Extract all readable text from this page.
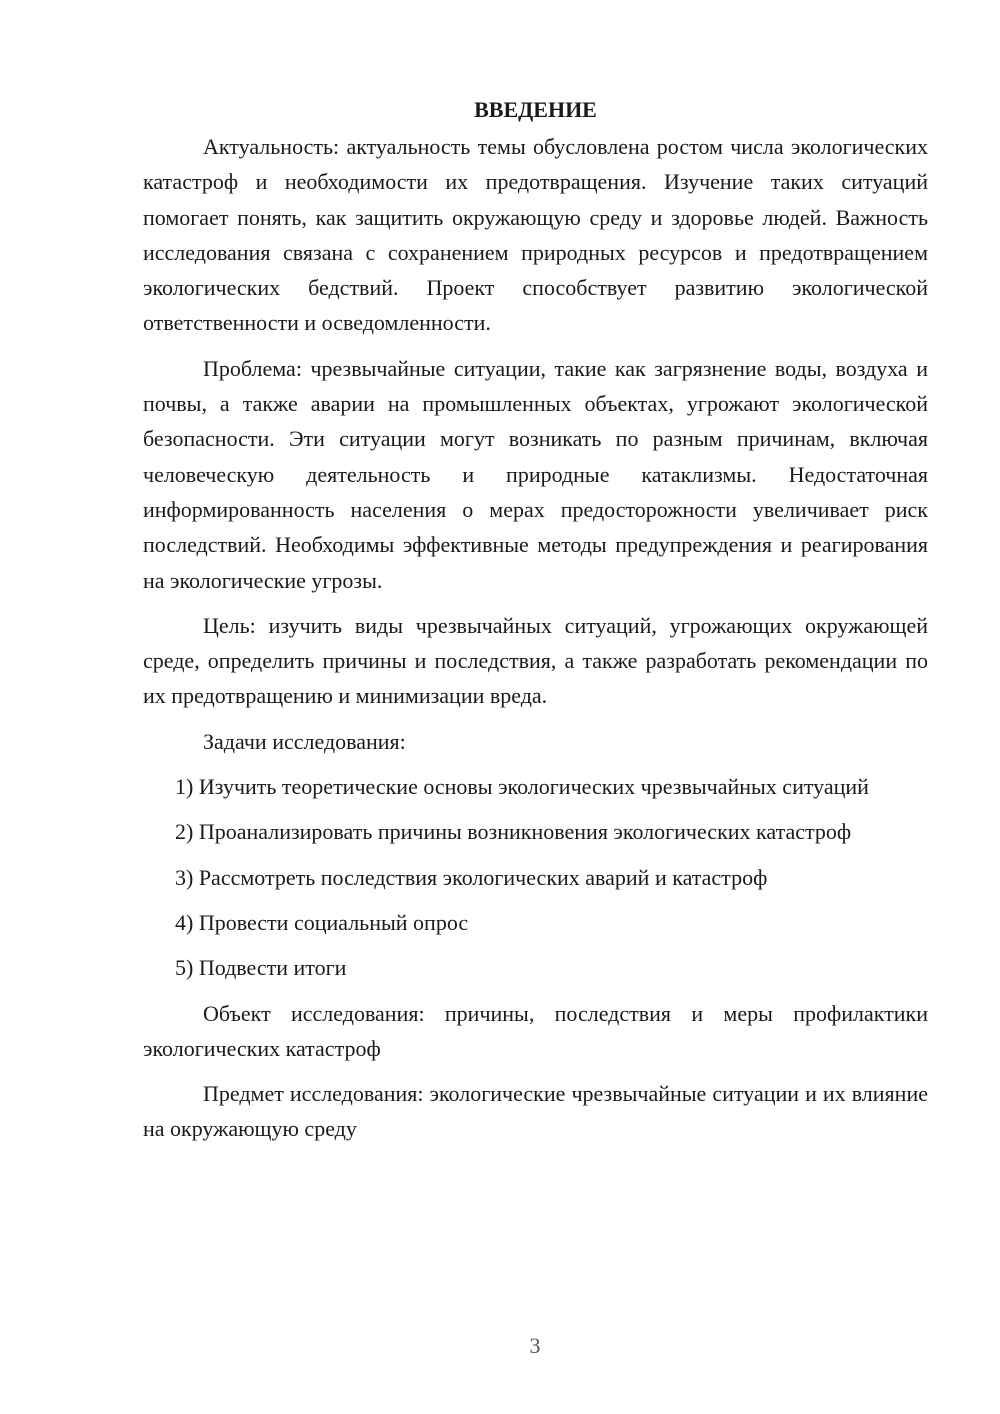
ВВЕДЕНИЕ

Актуальность: актуальность темы обусловлена ростом числа экологических катастроф и необходимости их предотвращения. Изучение таких ситуаций помогает понять, как защитить окружающую среду и здоровье людей. Важность исследования связана с сохранением природных ресурсов и предотвращением экологических бедствий. Проект способствует развитию экологической ответственности и осведомленности.

Проблема: чрезвычайные ситуации, такие как загрязнение воды, воздуха и почвы, а также аварии на промышленных объектах, угрожают экологической безопасности. Эти ситуации могут возникать по разным причинам, включая человеческую деятельность и природные катаклизмы. Недостаточная информированность населения о мерах предосторожности увеличивает риск последствий. Необходимы эффективные методы предупреждения и реагирования на экологические угрозы.

Цель: изучить виды чрезвычайных ситуаций, угрожающих окружающей среде, определить причины и последствия, а также разработать рекомендации по их предотвращению и минимизации вреда.

Задачи исследования:

1) Изучить теоретические основы экологических чрезвычайных ситуаций

2) Проанализировать причины возникновения экологических катастроф

3) Рассмотреть последствия экологических аварий и катастроф

4) Провести социальный опрос

5) Подвести итоги

Объект исследования: причины, последствия и меры профилактики экологических катастроф

Предмет исследования: экологические чрезвычайные ситуации и их влияние на окружающую среду

3
